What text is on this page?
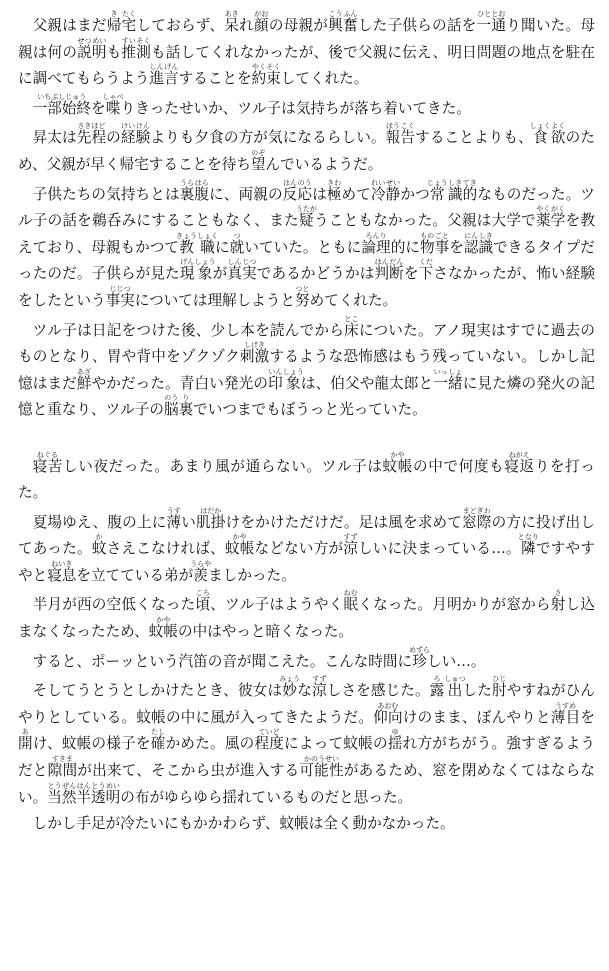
父親はまだ帰き宅たくしておらず、呆あきれ顔がおの母親が興こう奮ふんした子供らの話を一通ひととおり聞いた。母親は何の説せつ明めいも推すい測そくも話してくれなかったが、後で父親に伝え、明日問題の地点を駐在に調べてもらうよう進しん言げんすることを約やく束そくしてくれた。

一部始終いちぶしじゅうを喋しゃべりきったせいか、ツル子は気持ちが落ち着いてきた。

昇太は先程さきほどの経けい験けんよりも夕食の方が気になるらしい。報ほう告こくすることよりも、食しょく欲よくのため、父親が早く帰宅することを待ち望のぞんでいるようだ。

子供たちの気持ちとは裏うら腹はらに、両親の反はん応のうは極きわめて冷れい静せいかつ常じょう識しき的てきなものだった。ツル子の話を鵜呑みにすることもなく、また疑うたがうこともなかった。父親は大学で薬やく学がくを教えており、母親もかつて教きょう職しょくに就ついていた。ともに論理ろんり的に物もの事ごとを認にん識しきできるタイプだったのだ。子供らが見た現げん象しょうが真しん実じつであるかどうかは判はん断だんを下くださなかったが、怖い経験をしたという事実じじつについては理解しようと努つとめてくれた。

ツル子は日記をつけた後、少し本を読んでから床とこについた。アノ現実はすでに過去のものとなり、胃や背中をゾクゾク刺激しげきするような恐怖感はもう残っていない。しかし記憶はまだ鮮あざやかだった。青白い発光の印いん象しょうは、伯父や龍太郎と一いっ緒しょに見た燐の発火の記憶と重なり、ツル子の脳のう裏りでいつまでもぼうっと光っていた。

寝苦ねぐるしい夜だった。あまり風が通らない。ツル子は蚊帳かやの中で何度も寝返ねがえりを打った。

夏場ゆえ、腹の上に薄うすい肌掛はだかけをかけただけだ。足は風を求めて窓際まどぎわの方に投げ出してあった。蚊かさえこなければ、蚊帳かやなどない方が涼すずしいに決まっている…。隣となりですやすやと寝息ねいきを立てている弟が羨うらやましかった。

半月が西の空低くなった頃ころ、ツル子はようやく眠ねむくなった。月明かりが窓から射さし込まなくなったため、蚊帳かやの中はやっと暗くなった。

すると、ポーッという汽笛の音が聞こえた。こんな時間に珍めずらしい…。

そしてうとうとしかけたとき、彼女は妙みょうな涼すずしさを感じた。露ろ出しゅつした肘ひじやすねがひんやりとしている。蚊帳の中に風が入ってきたようだ。仰向あおむけのまま、ぼんやりと薄目うすめを開あけ、蚊帳の様子を確たしかめた。風の程度ていどによって蚊帳の揺ゆれ方がちがう。強すぎるようだと隙間すきまが出来て、そこから虫が進入する可能性かのうせいがあるため、窓を閉めなくてはならない。当とう然ぜん半はん透とう明めいの布がゆらゆら揺れているものだと思った。

しかし手足が冷たいにもかかわらず、蚊帳は全く動かなかった。
